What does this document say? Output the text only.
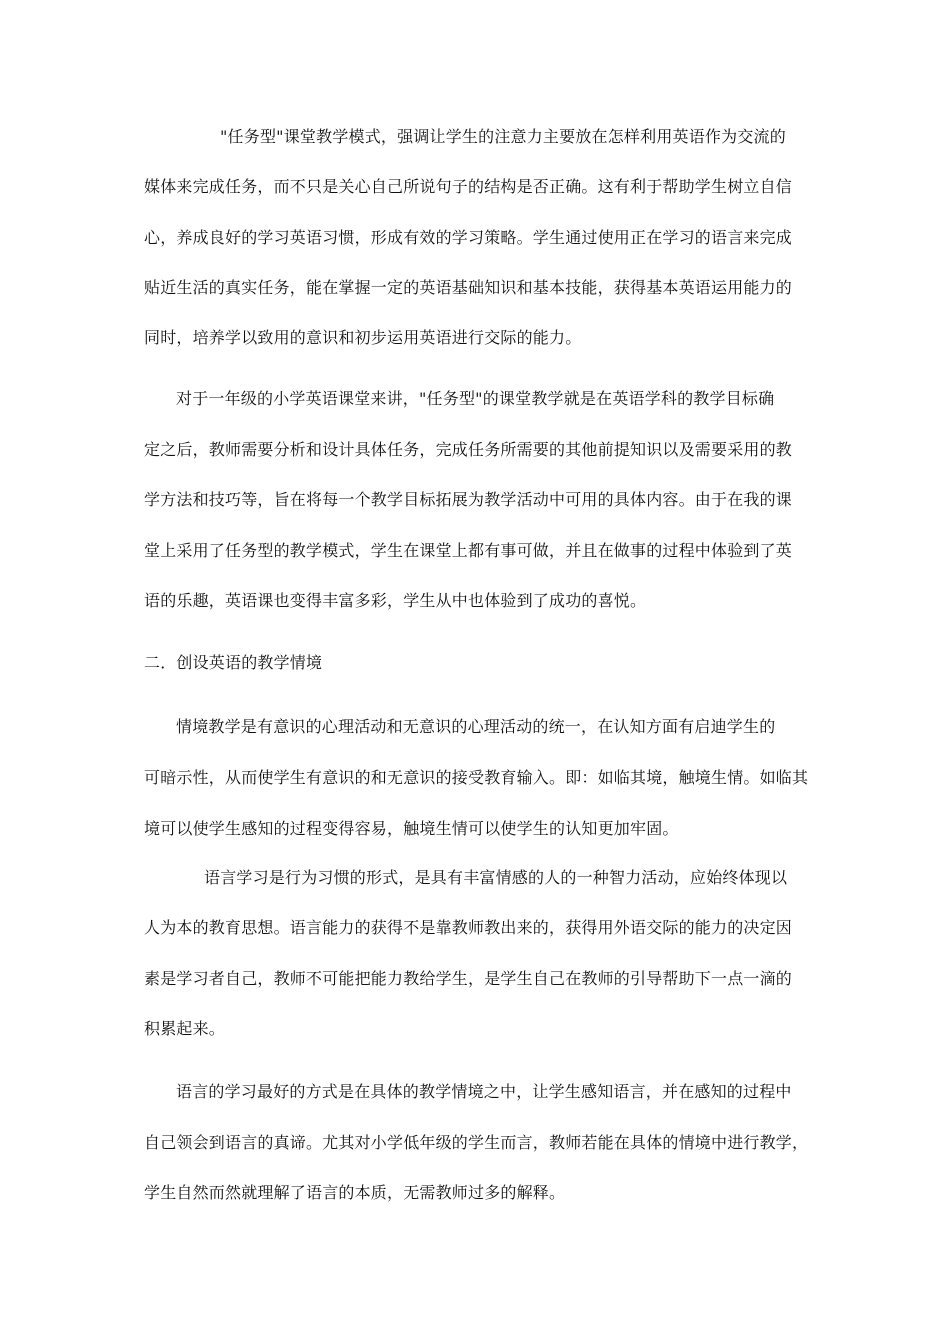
"任务型"课堂教学模式，强调让学生的注意力主要放在怎样利用英语作为交流的
媒体来完成任务，而不只是关心自己所说句子的结构是否正确。这有利于帮助学生树立自信
心，养成良好的学习英语习惯，形成有效的学习策略。学生通过使用正在学习的语言来完成
贴近生活的真实任务，能在掌握一定的英语基础知识和基本技能，获得基本英语运用能力的
同时，培养学以致用的意识和初步运用英语进行交际的能力。
对于一年级的小学英语课堂来讲，"任务型"的课堂教学就是在英语学科的教学目标确
定之后，教师需要分析和设计具体任务，完成任务所需要的其他前提知识以及需要采用的教
学方法和技巧等，旨在将每一个教学目标拓展为教学活动中可用的具体内容。由于在我的课
堂上采用了任务型的教学模式，学生在课堂上都有事可做，并且在做事的过程中体验到了英
语的乐趣，英语课也变得丰富多彩，学生从中也体验到了成功的喜悦。
二．创设英语的教学情境
情境教学是有意识的心理活动和无意识的心理活动的统一，在认知方面有启迪学生的
可暗示性，从而使学生有意识的和无意识的接受教育输入。即：如临其境，触境生情。如临其
境可以使学生感知的过程变得容易，触境生情可以使学生的认知更加牢固。
语言学习是行为习惯的形式，是具有丰富情感的人的一种智力活动，应始终体现以
人为本的教育思想。语言能力的获得不是靠教师教出来的，获得用外语交际的能力的决定因
素是学习者自己，教师不可能把能力教给学生，是学生自己在教师的引导帮助下一点一滴的
积累起来。
语言的学习最好的方式是在具体的教学情境之中，让学生感知语言，并在感知的过程中
自己领会到语言的真谛。尤其对小学低年级的学生而言，教师若能在具体的情境中进行教学，
学生自然而然就理解了语言的本质，无需教师过多的解释。
